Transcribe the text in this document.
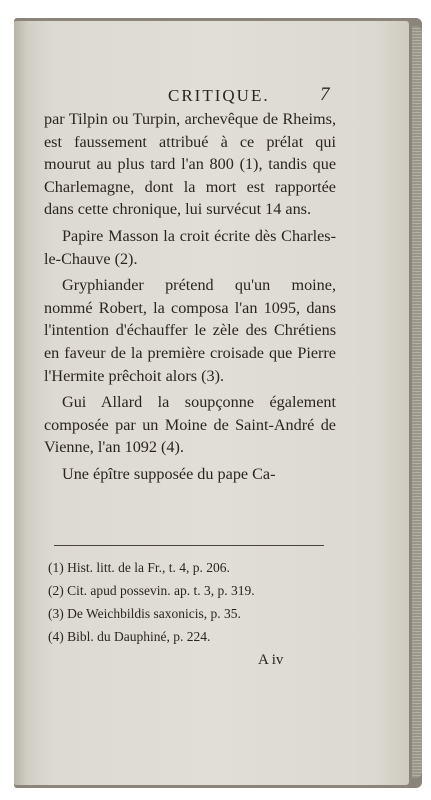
CRITIQUE.	7

par Tilpin ou Turpin, archevêque de Rheims, est faussement attribué à ce prélat qui mourut au plus tard l'an 800 (1), tandis que Charlemagne, dont la mort est rapportée dans cette chronique, lui survécut 14 ans.

Papire Masson la croit écrite dès Charles-le-Chauve (2).

Gryphiander prétend qu'un moine, nommé Robert, la composa l'an 1095, dans l'intention d'échauffer le zèle des Chrétiens en faveur de la première croisade que Pierre l'Hermite prêchoit alors (3).

Gui Allard la soupçonne également composée par un Moine de Saint-André de Vienne, l'an 1092 (4).

Une épître supposée du pape Ca-

(1) Hist. litt. de la Fr., t. 4, p. 206.
(2) Cit. apud possevin. ap. t. 3, p. 319.
(3) De Weichbildis saxonicis, p. 35.
(4) Bibl. du Dauphiné, p. 224.
A iv
